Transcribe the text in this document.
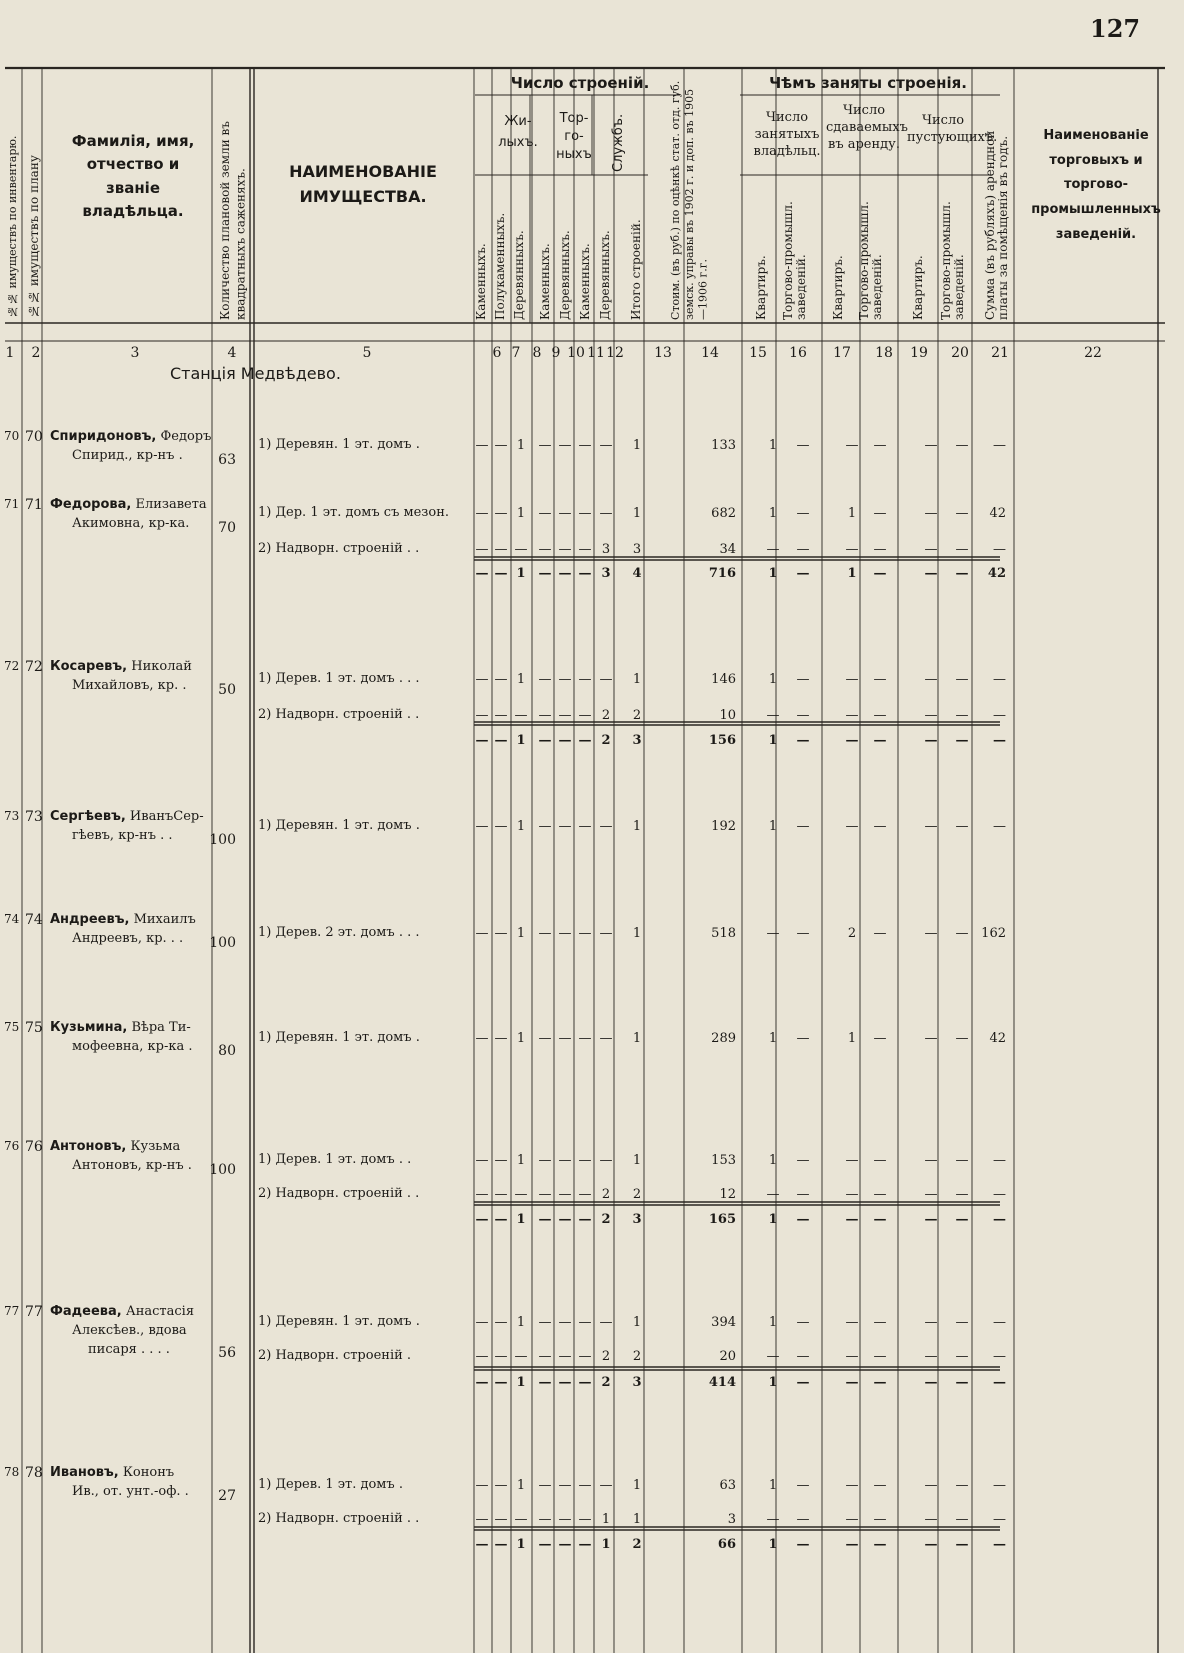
127
№№ имуществъ по инвентарю. №№ имуществъ по плану
Фамилія, имя, отчество и званіе владѣльца.	Количество плановой земли въ квадратныхъ саженяхъ.	НАИМЕНОВАНІЕ ИМУЩЕСТВА.
Число строеній.
Жи-лыхъ.
Тор-го-ныхъ Службъ.
Каменныхъ. Полукаменныхъ. Деревянныхъ. Каменныхъ. Деревянныхъ. Каменныхъ. Деревянныхъ. Итого строеній. Стоим. (въ руб.) по оцѣнкѣ стат. отд. губ. земск. управы въ 1902 г. и доп. въ 1905—1906 г.г.
Чѣмъ заняты строенія.
Число занятыхъ владѣльц.
Число сдаваемыхъ въ аренду.
Число пустующихъ.
Квартиръ. Торгово-промышл. заведеній.	Квартиръ. Торгово-промышл. заведеній.	Квартиръ. Торгово-промышл. заведеній.	Сумма (въ рубляхъ) арендной платы за помѣщенія въ годъ.
Наименованіе торговыхъ и торгово-промышленныхъ заведеній.
1	2	3	4	5	6 7 8 9 10 11 12 13 14 15 16 17 18 19 20 21	22
Станція Медвѣдево.
70 70 Спиридоновъ, Федоръ
Спирид., кр-нъ .	63
1) Деревян. 1 эт. домъ .	— — 1	— — — —	1	133	1	—	—	—	—	—	—
71 71 Федорова, Елизавета
Акимовна, кр-ка.	70
1) Дер. 1 эт. домъ съ мезон.	— — 1	— — — —	1	682	1	—	1	—	—	—	42
2) Надворн. строеній . .	— — — — — — 3	3	34	—	—	—	—	—	—	—
— — 1 — — — 3	4	716	1	—	1	—	—	—	42
72 72 Косаревъ, Николай
Михайловъ, кр. .	50
1) Дерев. 1 эт. домъ . . .	— — 1	— — — —	1	146	1	—	—	—	—	—	—
2) Надворн. строеній . .	— — — — — — 2	2	10	—	—	—	—	—	—	—
— — 1 — — — 2	3	156	1	—	—	—	—	—	—
73 73 Сергѣевъ, ИванъСер-
гѣевъ, кр-нъ . .	100
1) Деревян. 1 эт. домъ .	— — 1	— — — —	1	192	1	—	—	—	—	—	—
74 74 Андреевъ, Михаилъ
Андреевъ, кр. . .	100
1) Дерев. 2 эт. домъ . . .	— — 1	— — — —	1	518	—	—	2	—	—	— 162
75 75 Кузьмина, Вѣра Ти-
мофеевна, кр-ка .	80
1) Деревян. 1 эт. домъ .	— — 1	— — — —	1	289	1	—	1	—	—	—	42
76 76 Антоновъ, Кузьма
Антоновъ, кр-нъ .	100
1) Дерев. 1 эт. домъ . .	— — 1	— — — —	1	153	1	—	—	—	—	—	—
2) Надворн. строеній . .	— — — — — — 2	2	12	—	—	—	—	—	—	—
— — 1 — — — 2	3	165	1	—	—	—	—	—	—
77 77 Фадеева, Анастасія
Алексѣев., вдова
писаря . . . .	56
1) Деревян. 1 эт. домъ .	— — 1	— — — —	1	394	1	—	—	—	—	—	—
2) Надворн. строеній .	— — — — — — 2	2	20	—	—	—	—	—	—	—
— — 1 — — — 2	3	414	1	—	—	—	—	—	—
78 78 Ивановъ, Кононъ
Ив., от. унт.-оф. .	27
1) Дерев. 1 эт. домъ .	— — 1	— — — —	1	63	1	—	—	—	—	—	—
2) Надворн. строеній . .	— — — — — — 1	1	3	—	—	—	—	—	—	—
— — 1 — — — 1	2	66	1	—	—	—	—	—	—
